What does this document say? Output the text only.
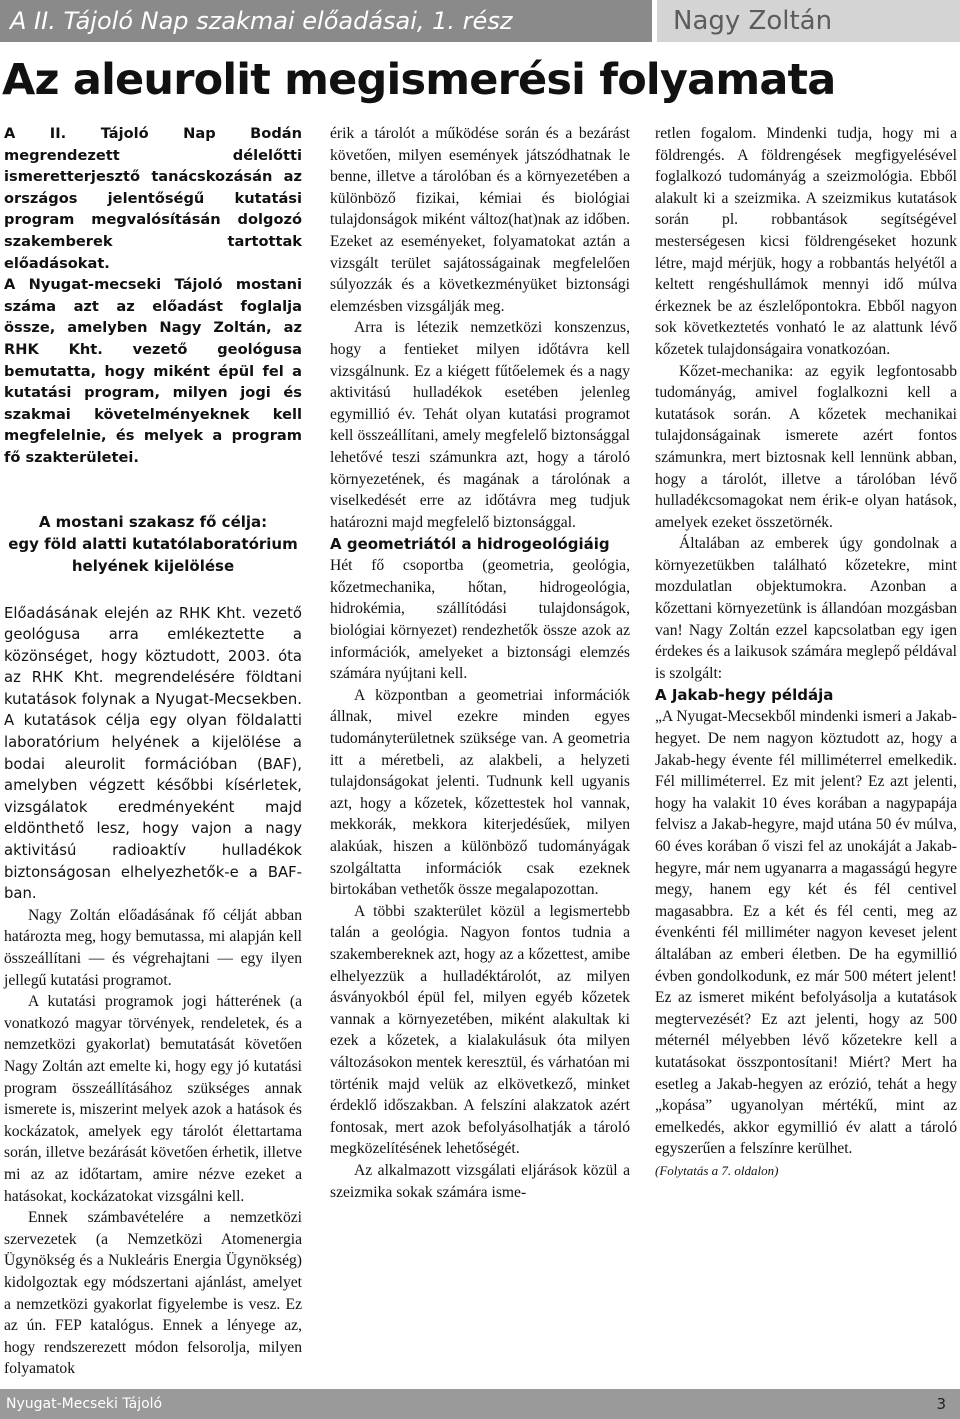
A II. Tájoló Nap szakmai előadásai, 1. rész	Nagy Zoltán
Az aleurolit megismerési folyamata

A II. Tájoló Nap Bodán megrendezett délelőtti ismeretterjesztő tanácskozásán az országos jelentőségű kutatási program megvalósításán dolgozó szakemberek tartottak előadásokat.

A Nyugat-mecseki Tájoló mostani száma azt az előadást foglalja össze, amelyben Nagy Zoltán, az RHK Kht. vezető geológusa bemutatta, hogy miként épül fel a kutatási program, milyen jogi és szakmai követelményeknek kell megfelelnie, és melyek a program fő szakterületei.

A mostani szakasz fő célja:
egy föld alatti kutatólaboratórium
helyének kijelölése

Előadásának elején az RHK Kht. vezető geológusa arra emlékeztette a közönséget, hogy köztudott, 2003. óta az RHK Kht. megrendelésére földtani kutatások folynak a Nyugat-Mecsekben. A kutatások célja egy olyan földalatti laboratórium helyének a kijelölése a bodai aleurolit formációban (BAF), amelyben végzett későbbi kísérletek, vizsgálatok eredményeként majd eldönthető lesz, hogy vajon a nagy aktivitású radioaktív hulladékok biztonságosan elhelyezhetők-e a BAF-ban.

Nagy Zoltán előadásának fő célját abban határozta meg, hogy bemutassa, mi alapján kell összeállítani — és végrehajtani — egy ilyen jellegű kutatási programot.

A kutatási programok jogi hátterének (a vonatkozó magyar törvények, rendeletek, és a nemzetközi gyakorlat) bemutatását követően Nagy Zoltán azt emelte ki, hogy egy jó kutatási program összeállításához szükséges annak ismerete is, miszerint melyek azok a hatások és kockázatok, amelyek egy tárolót élettartama során, illetve bezárását követően érhetik, illetve mi az az időtartam, amire nézve ezeket a hatásokat, kockázatokat vizsgálni kell.

Ennek számbavételére a nemzetközi szervezetek (a Nemzetközi Atomenergia Ügynökség és a Nukleáris Energia Ügynökség) kidolgoztak egy módszertani ajánlást, amelyet a nemzetközi gyakorlat figyelembe is vesz. Ez az ún. FEP katalógus. Ennek a lényege az, hogy rendszerezett módon felsorolja, milyen folyamatok

érik a tárolót a működése során és a bezárást követően, milyen események játszódhatnak le benne, illetve a tárolóban és a környezetében a különböző fizikai, kémiai és biológiai tulajdonságok miként változ(hat)nak az időben. Ezeket az eseményeket, folyamatokat aztán a vizsgált terület sajátosságainak megfelelően súlyozzák és a következményüket biztonsági elemzésben vizsgálják meg.

Arra is létezik nemzetközi konszenzus, hogy a fentieket milyen időtávra kell vizsgálnunk. Ez a kiégett fűtőelemek és a nagy aktivitású hulladékok esetében jelenleg egymillió év. Tehát olyan kutatási programot kell összeállítani, amely megfelelő biztonsággal lehetővé teszi számunkra azt, hogy a tároló környezetének, és magának a tárolónak a viselkedését erre az időtávra meg tudjuk határozni majd megfelelő biztonsággal.

A geometriától a hidrogeológiáig

Hét fő csoportba (geometria, geológia, kőzetmechanika, hőtan, hidrogeológia, hidrokémia, szállítódási tulajdonságok, biológiai környezet) rendezhetők össze azok az információk, amelyeket a biztonsági elemzés számára nyújtani kell.

A központban a geometriai információk állnak, mivel ezekre minden egyes tudományterületnek szüksége van. A geometria itt a méretbeli, az alakbeli, a helyzeti tulajdonságokat jelenti. Tudnunk kell ugyanis azt, hogy a kőzetek, kőzettestek hol vannak, mekkorák, mekkora kiterjedésűek, milyen alakúak, hiszen a különböző tudományágak szolgáltatta információk csak ezeknek birtokában vethetők össze megalapozottan.

A többi szakterület közül a legismertebb talán a geológia. Nagyon fontos tudnia a szakembereknek azt, hogy az a kőzettest, amibe elhelyezzük a hulladéktárolót, az milyen ásványokból épül fel, milyen egyéb kőzetek vannak a környezetében, miként alakultak ki ezek a kőzetek, a kialakulásuk óta milyen változásokon mentek keresztül, és várhatóan mi történik majd velük az elkövetkező, minket érdeklő időszakban. A felszíni alakzatok azért fontosak, mert azok befolyásolhatják a tároló megközelítésének lehetőségét.

Az alkalmazott vizsgálati eljárások közül a szeizmika sokak számára isme-

retlen fogalom. Mindenki tudja, hogy mi a földrengés. A földrengések megfigyelésével foglalkozó tudományág a szeizmológia. Ebből alakult ki a szeizmika. A szeizmikus kutatások során pl. robbantások segítségével mesterségesen kicsi földrengéseket hozunk létre, majd mérjük, hogy a robbantás helyétől a keltett rengéshullámok mennyi idő múlva érkeznek be az észlelőpontokra. Ebből nagyon sok következtetés vonható le az alattunk lévő kőzetek tulajdonságaira vonatkozóan.

Kőzet-mechanika: az egyik legfontosabb tudományág, amivel foglalkozni kell a kutatások során. A kőzetek mechanikai tulajdonságainak ismerete azért fontos számunkra, mert biztosnak kell lennünk abban, hogy a tárolót, illetve a tárolóban lévő hulladékcsomagokat nem érik-e olyan hatások, amelyek ezeket összetörnék.

Általában az emberek úgy gondolnak a környezetükben található kőzetekre, mint mozdulatlan objektumokra. Azonban a kőzettani környezetünk is állandóan mozgásban van! Nagy Zoltán ezzel kapcsolatban egy igen érdekes és a laikusok számára meglepő példával is szolgált:

A Jakab-hegy példája

„A Nyugat-Mecsekből mindenki ismeri a Jakab-hegyet. De nem nagyon köztudott az, hogy a Jakab-hegy évente fél milliméterrel emelkedik. Fél milliméterrel. Ez mit jelent? Ez azt jelenti, hogy ha valakit 10 éves korában a nagypapája felvisz a Jakab-hegyre, majd utána 50 év múlva, 60 éves korában ő viszi fel az unokáját a Jakab-hegyre, már nem ugyanarra a magasságú hegyre megy, hanem egy két és fél centivel magasabbra. Ez a két és fél centi, meg az évenkénti fél milliméter nagyon keveset jelent általában az emberi életben. De ha egymillió évben gondolkodunk, ez már 500 métert jelent! Ez az ismeret miként befolyásolja a kutatások megtervezését? Ez azt jelenti, hogy az 500 méternél mélyebben lévő kőzetekre kell a kutatásokat összpontosítani! Miért? Mert ha esetleg a Jakab-hegyen az erózió, tehát a hegy „kopása” ugyanolyan mértékű, mint az emelkedés, akkor egymillió év alatt a tároló egyszerűen a felszínre kerülhet.

(Folytatás a 7. oldalon)

Nyugat-Mecseki Tájoló	3
